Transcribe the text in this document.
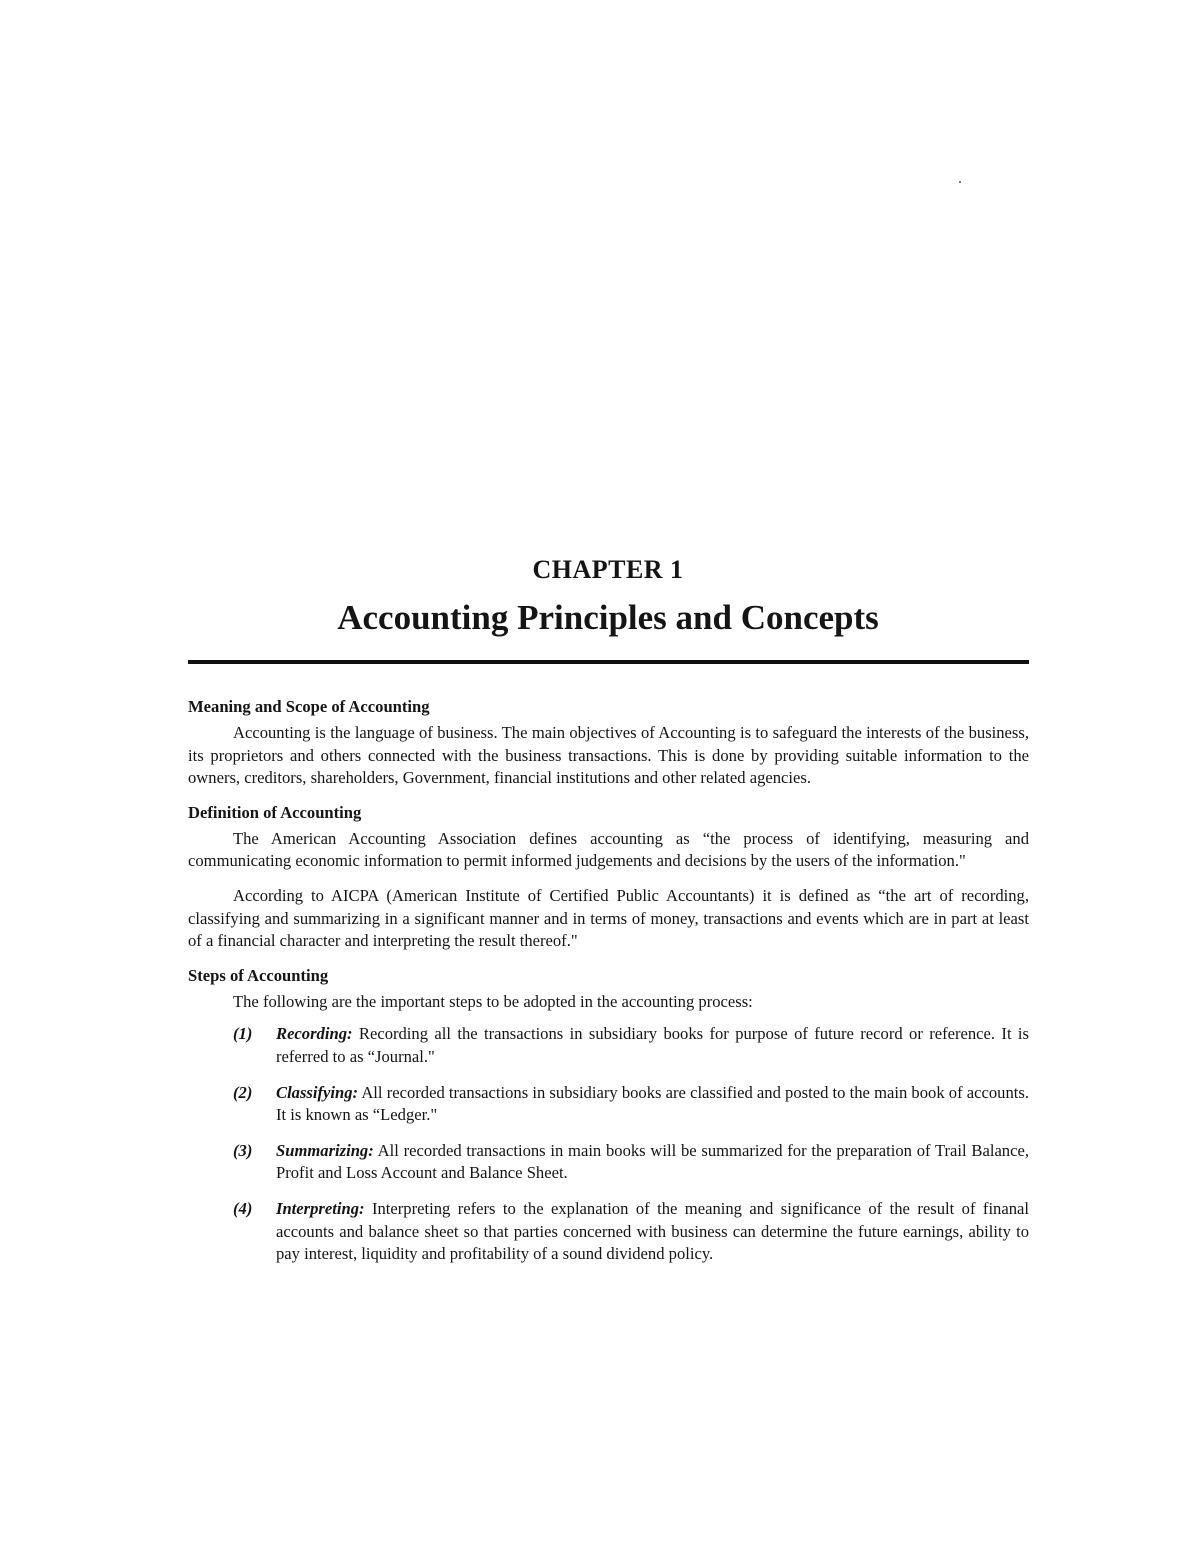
CHAPTER 1
Accounting Principles and Concepts
Meaning and Scope of Accounting

Accounting is the language of business. The main objectives of Accounting is to safeguard the interests of the business, its proprietors and others connected with the business transactions. This is done by providing suitable information to the owners, creditors, shareholders, Government, financial institutions and other related agencies.

Definition of Accounting

The American Accounting Association defines accounting as “the process of identifying, measuring and communicating economic information to permit informed judgements and decisions by the users of the information."

According to AICPA (American Institute of Certified Public Accountants) it is defined as “the art of recording, classifying and summarizing in a significant manner and in terms of money, transactions and events which are in part at least of a financial character and interpreting the result thereof."

Steps of Accounting

The following are the important steps to be adopted in the accounting process:

(1) Recording: Recording all the transactions in subsidiary books for purpose of future record or reference. It is referred to as “Journal."
(2) Classifying: All recorded transactions in subsidiary books are classified and posted to the main book of accounts. It is known as “Ledger."
(3) Summarizing: All recorded transactions in main books will be summarized for the preparation of Trail Balance, Profit and Loss Account and Balance Sheet.
(4) Interpreting: Interpreting refers to the explanation of the meaning and significance of the result of finanal accounts and balance sheet so that parties concerned with business can determine the future earnings, ability to pay interest, liquidity and profitability of a sound dividend policy.
